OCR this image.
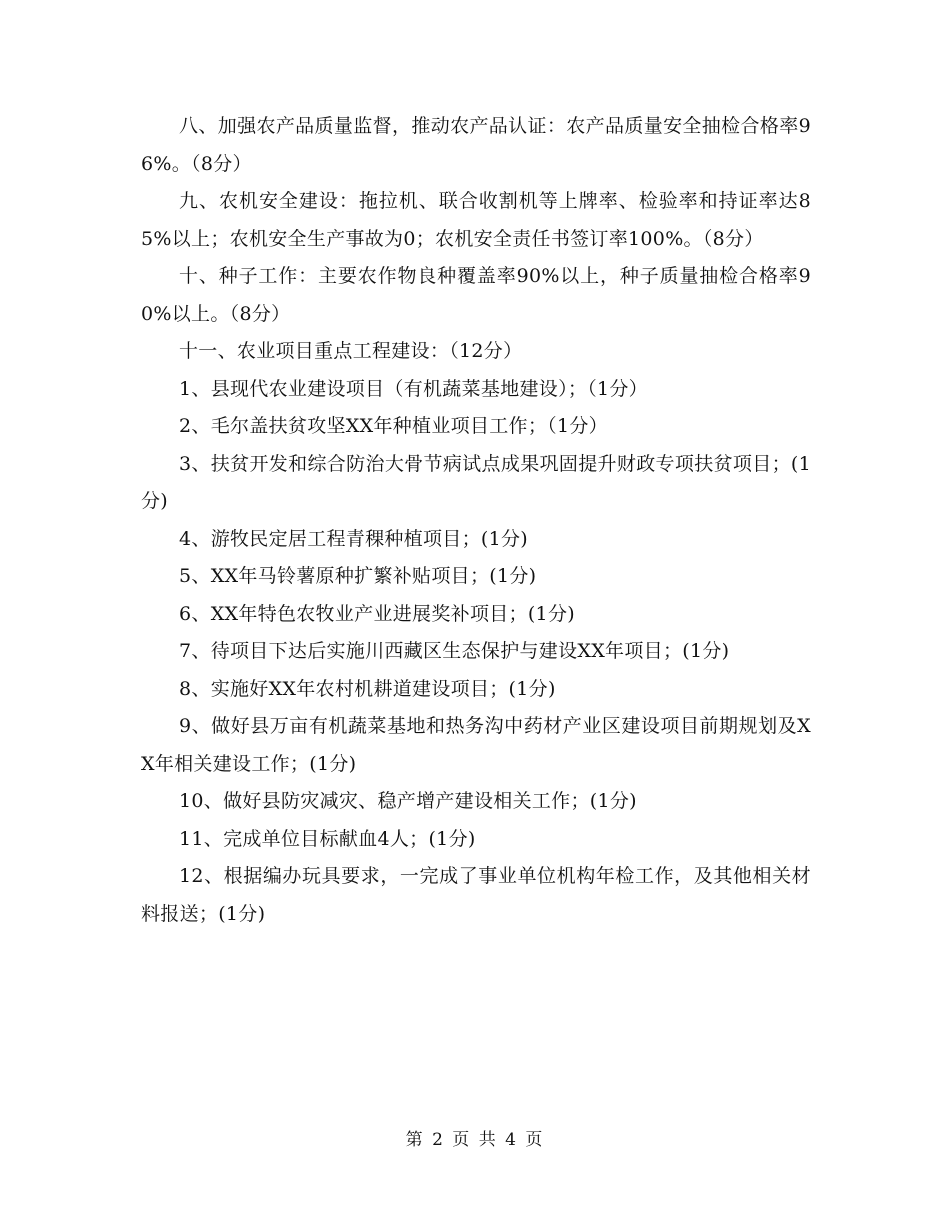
八、加强农产品质量监督，推动农产品认证：农产品质量安全抽检合格率96%。（8分）

九、农机安全建设：拖拉机、联合收割机等上牌率、检验率和持证率达85%以上；农机安全生产事故为0；农机安全责任书签订率100%。（8分）

十、种子工作：主要农作物良种覆盖率90%以上，种子质量抽检合格率90%以上。（8分）

十一、农业项目重点工程建设：（12分）

1、县现代农业建设项目（有机蔬菜基地建设）；（1分）

2、毛尔盖扶贫攻坚XX年种植业项目工作；（1分）

3、扶贫开发和综合防治大骨节病试点成果巩固提升财政专项扶贫项目；(1分)

4、游牧民定居工程青稞种植项目；(1分)

5、XX年马铃薯原种扩繁补贴项目；(1分)

6、XX年特色农牧业产业进展奖补项目；(1分)

7、待项目下达后实施川西藏区生态保护与建设XX年项目；(1分)

8、实施好XX年农村机耕道建设项目；(1分)

9、做好县万亩有机蔬菜基地和热务沟中药材产业区建设项目前期规划及XX年相关建设工作；(1分)

10、做好县防灾减灾、稳产增产建设相关工作；(1分)

11、完成单位目标献血4人；(1分)

12、根据编办玩具要求，一完成了事业单位机构年检工作，及其他相关材料报送；(1分)

第 2 页 共 4 页
